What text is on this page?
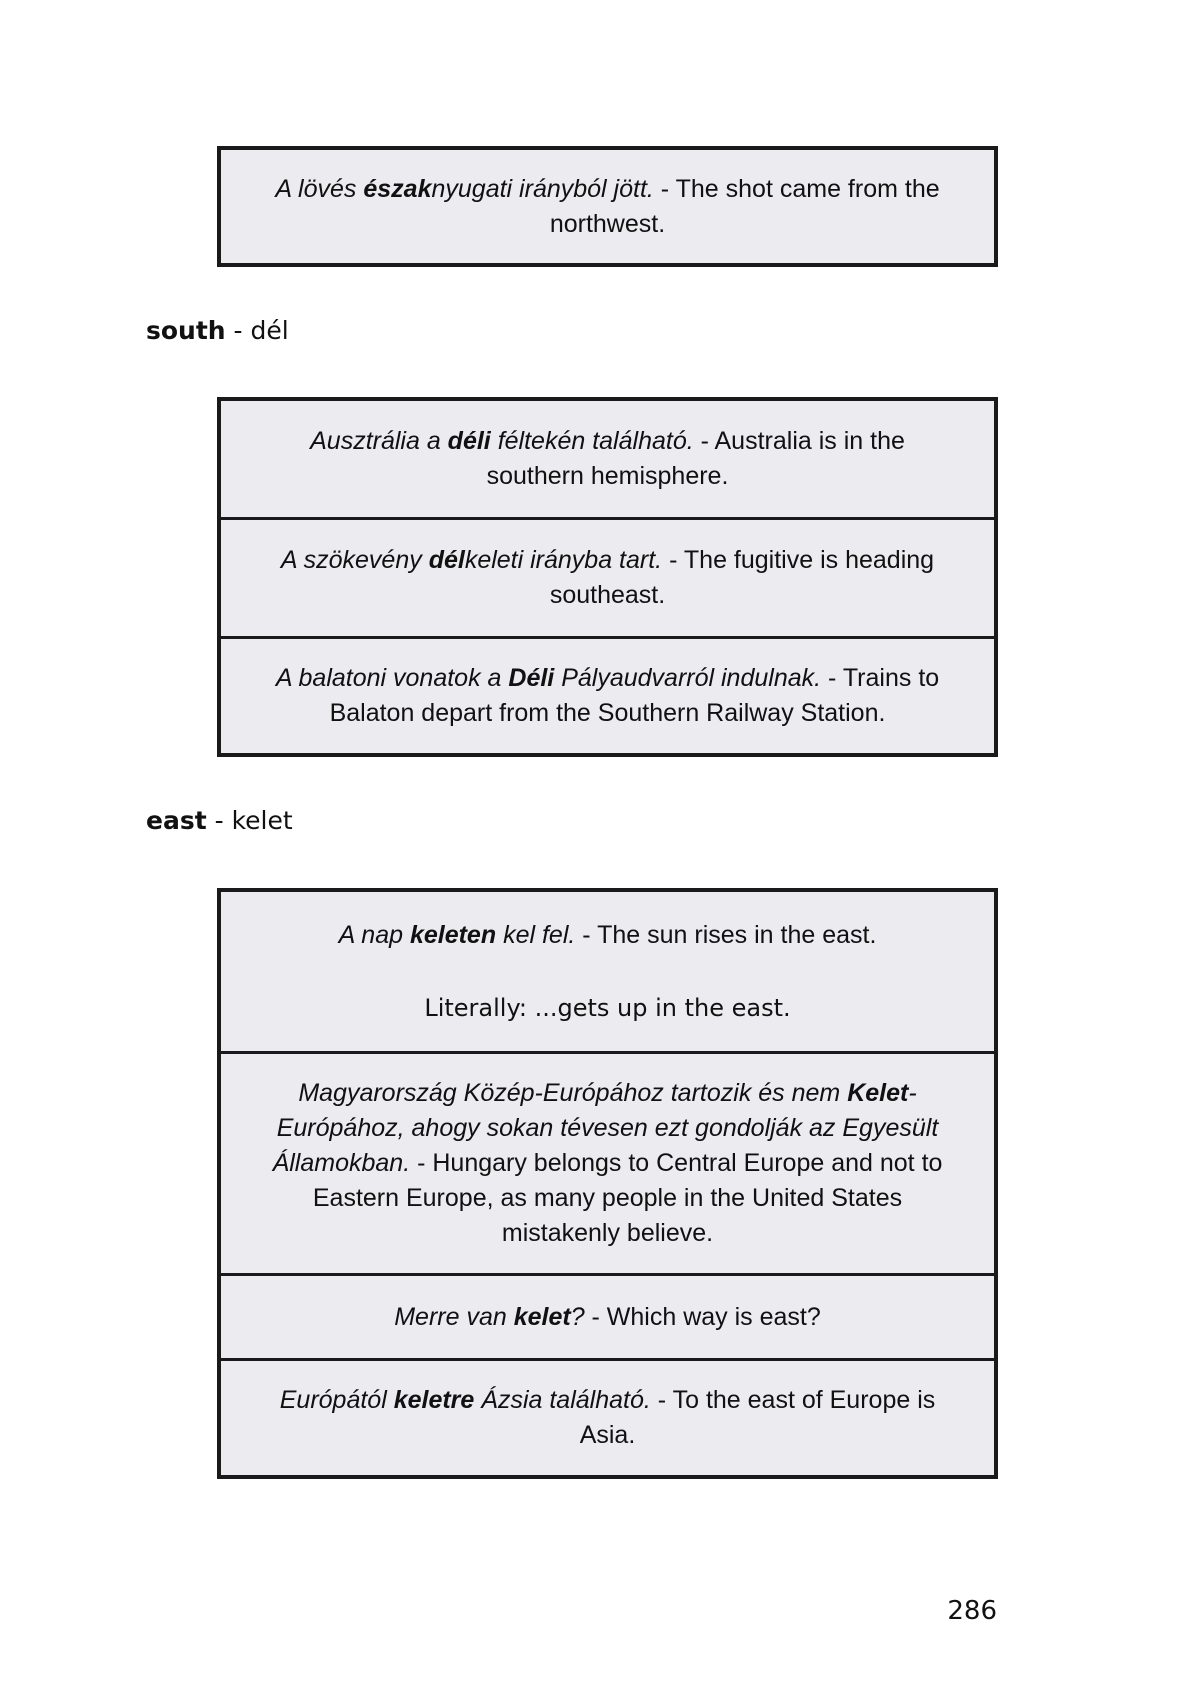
A lövés északnyugati irányból jött. - The shot came from the northwest.

south - dél

Ausztrália a déli féltekén található. - Australia is in the southern hemisphere.

A szökevény délkeleti irányba tart. - The fugitive is heading southeast.

A balatoni vonatok a Déli Pályaudvarról indulnak. - Trains to Balaton depart from the Southern Railway Station.

east - kelet

A nap keleten kel fel. - The sun rises in the east.

Literally: ...gets up in the east.

Magyarország Közép-Európához tartozik és nem Kelet-Európához, ahogy sokan tévesen ezt gondolják az Egyesült Államokban. - Hungary belongs to Central Europe and not to Eastern Europe, as many people in the United States mistakenly believe.

Merre van kelet? - Which way is east?

Európától keletre Ázsia található. - To the east of Europe is Asia.

286
